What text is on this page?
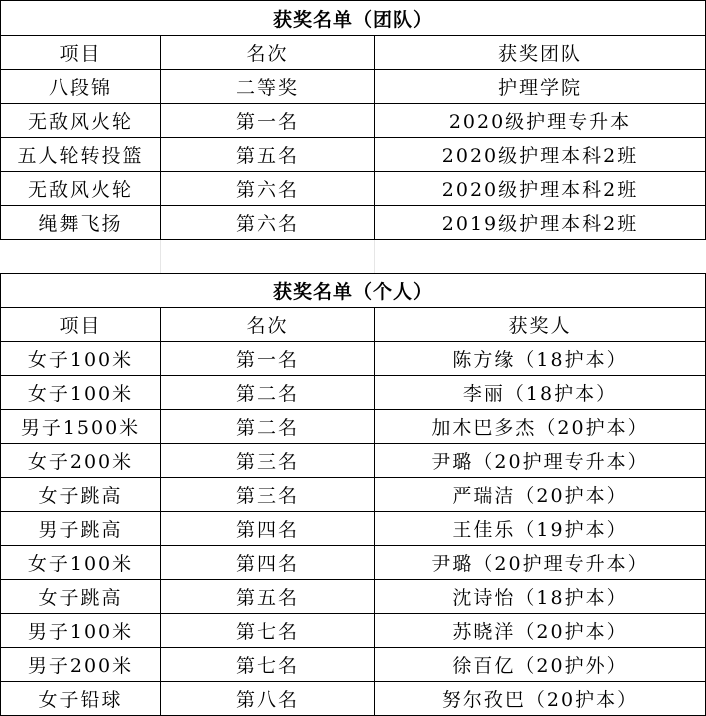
获奖名单（团队）		
项目	名次	获奖团队
八段锦	二等奖	护理学院
无敌风火轮	第一名	2020级护理专升本
五人轮转投篮	第五名	2020级护理本科2班
无敌风火轮	第六名	2020级护理本科2班
绳舞飞扬	第六名	2019级护理本科2班

获奖名单（个人）		
项目	名次	获奖人
女子100米	第一名	陈方缘（18护本）
女子100米	第二名	李丽（18护本）
男子1500米	第二名	加木巴多杰（20护本）
女子200米	第三名	尹璐（20护理专升本）
女子跳高	第三名	严瑞洁（20护本）
男子跳高	第四名	王佳乐（19护本）
女子100米	第四名	尹璐（20护理专升本）
女子跳高	第五名	沈诗怡（18护本）
男子100米	第七名	苏晓洋（20护本）
男子200米	第七名	徐百亿（20护外）
女子铅球	第八名	努尔孜巴（20护本）
